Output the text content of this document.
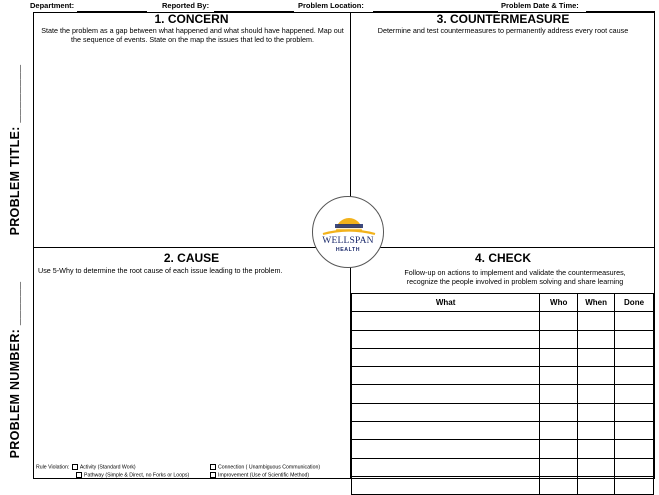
Department:	Reported By:	Problem Location:	Problem Date & Time:
PROBLEM TITLE: ________
PROBLEM NUMBER: ______
1. CONCERN
State the problem as a gap between what happened and what should have happened. Map out the sequence of events. State on the map the issues that led to the problem.
3. COUNTERMEASURE
Determine and test countermeasures to permanently address every root cause
2. CAUSE
Use 5-Why to determine the root cause of each issue leading to the problem.
4. CHECK
Follow-up on actions to implement and validate the countermeasures, recognize the people involved in problem solving and share learning
What	Who	When	Done

WELLSPAN
HEALTH
Rule Violation: Activity (Standard Work)	Connection ( Unambiguous Communication)
Pathway (Simple & Direct, no Forks or Loops)	Improvement (Use of Scientific Method)
